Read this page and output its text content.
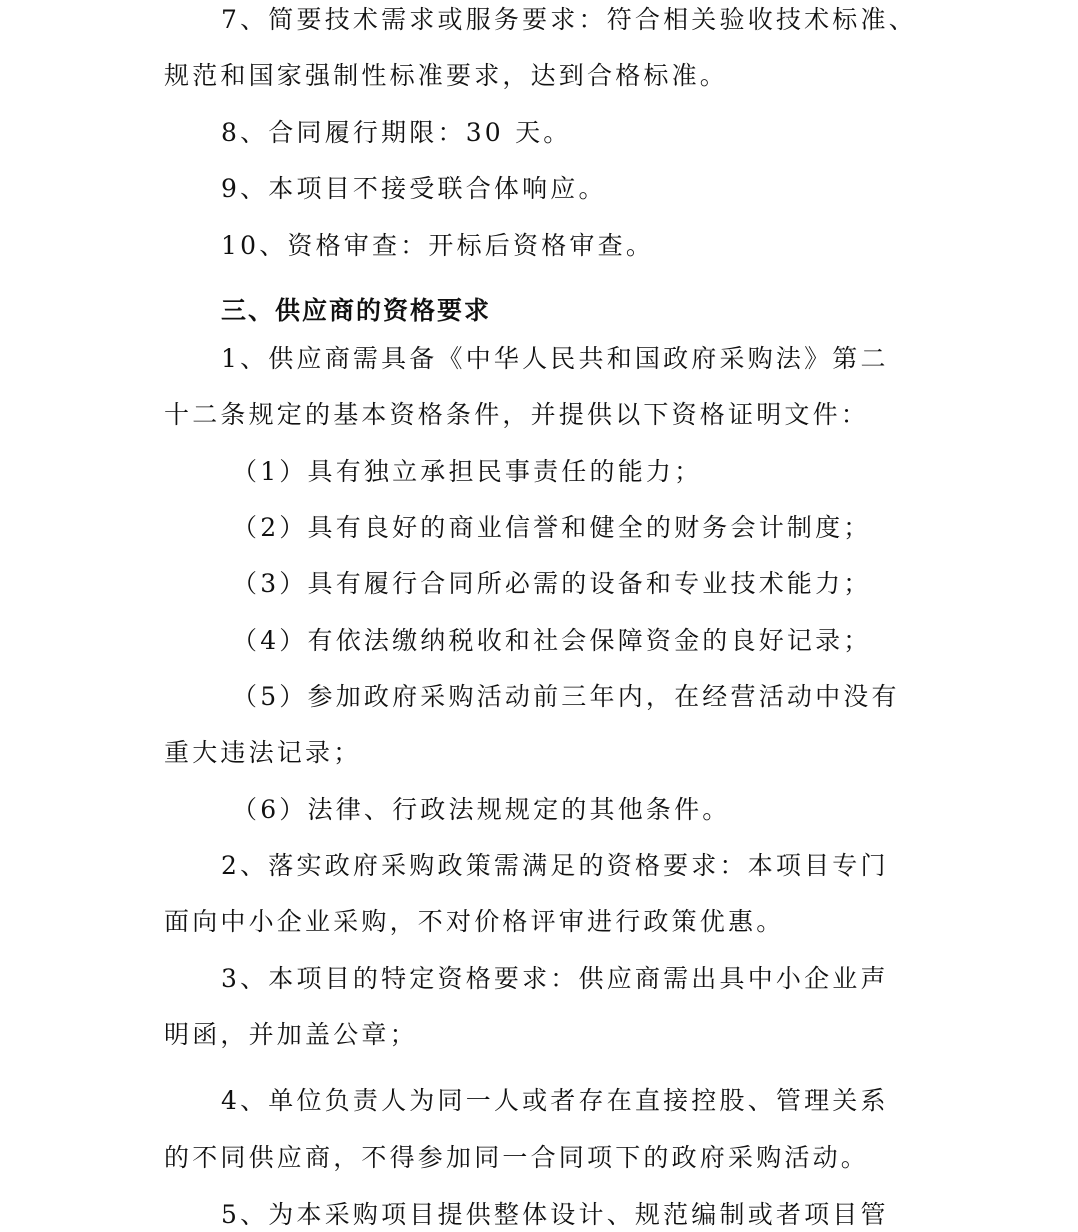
7、简要技术需求或服务要求：符合相关验收技术标准、
规范和国家强制性标准要求，达到合格标准。
8、合同履行期限：30 天。
9、本项目不接受联合体响应。
10、资格审查：开标后资格审查。
三、供应商的资格要求
1、供应商需具备《中华人民共和国政府采购法》第二
十二条规定的基本资格条件，并提供以下资格证明文件：
（1）具有独立承担民事责任的能力；
（2）具有良好的商业信誉和健全的财务会计制度；
（3）具有履行合同所必需的设备和专业技术能力；
（4）有依法缴纳税收和社会保障资金的良好记录；
（5）参加政府采购活动前三年内，在经营活动中没有
重大违法记录；
（6）法律、行政法规规定的其他条件。
2、落实政府采购政策需满足的资格要求：本项目专门
面向中小企业采购，不对价格评审进行政策优惠。
3、本项目的特定资格要求：供应商需出具中小企业声
明函，并加盖公章；
4、单位负责人为同一人或者存在直接控股、管理关系
的不同供应商，不得参加同一合同项下的政府采购活动。
5、为本采购项目提供整体设计、规范编制或者项目管
